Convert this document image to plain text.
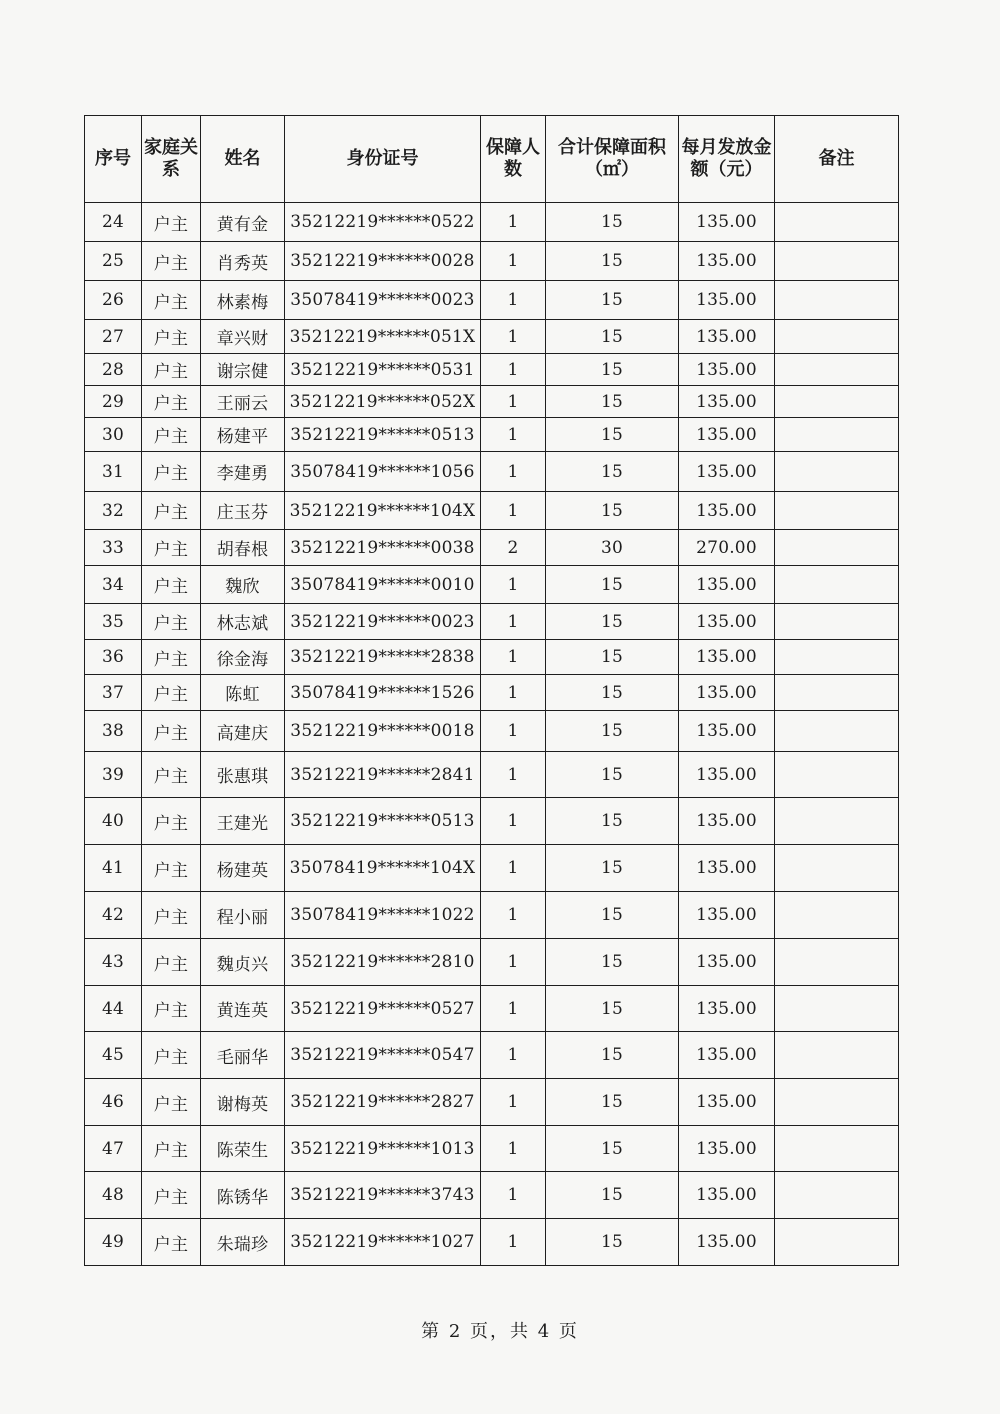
序号	家庭关系	姓名	身份证号	保障人数	合计保障面积（㎡）	每月发放金额（元）	备注
24	户主	黄有金	35212219******0522	1	15	135.00	
25	户主	肖秀英	35212219******0028	1	15	135.00	
26	户主	林素梅	35078419******0023	1	15	135.00	
27	户主	章兴财	35212219******051X	1	15	135.00	
28	户主	谢宗健	35212219******0531	1	15	135.00	
29	户主	王丽云	35212219******052X	1	15	135.00	
30	户主	杨建平	35212219******0513	1	15	135.00	
31	户主	李建勇	35078419******1056	1	15	135.00	
32	户主	庄玉芬	35212219******104X	1	15	135.00	
33	户主	胡春根	35212219******0038	2	30	270.00	
34	户主	魏欣	35078419******0010	1	15	135.00	
35	户主	林志斌	35212219******0023	1	15	135.00	
36	户主	徐金海	35212219******2838	1	15	135.00	
37	户主	陈虹	35078419******1526	1	15	135.00	
38	户主	高建庆	35212219******0018	1	15	135.00	
39	户主	张惠琪	35212219******2841	1	15	135.00	
40	户主	王建光	35212219******0513	1	15	135.00	
41	户主	杨建英	35078419******104X	1	15	135.00	
42	户主	程小丽	35078419******1022	1	15	135.00	
43	户主	魏贞兴	35212219******2810	1	15	135.00	
44	户主	黄连英	35212219******0527	1	15	135.00	
45	户主	毛丽华	35212219******0547	1	15	135.00	
46	户主	谢梅英	35212219******2827	1	15	135.00	
47	户主	陈荣生	35212219******1013	1	15	135.00	
48	户主	陈锈华	35212219******3743	1	15	135.00	
49	户主	朱瑞珍	35212219******1027	1	15	135.00	
第 2 页，共 4 页
